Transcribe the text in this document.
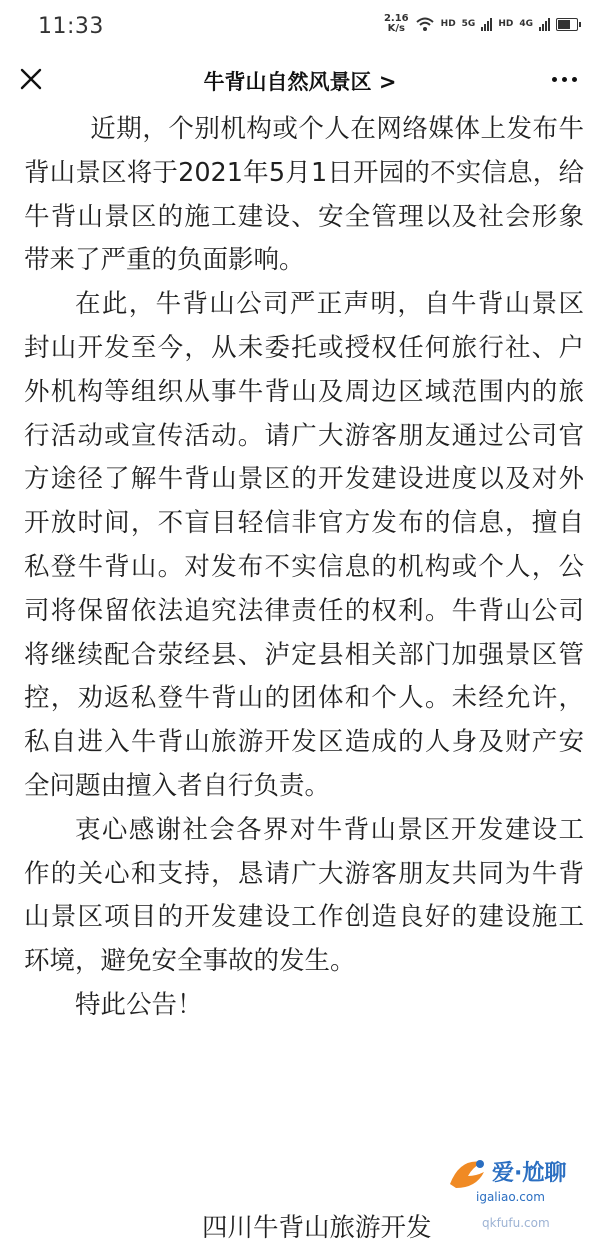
11:33	2.16
K/s	HD 5G	HD 4G
牛背山自然风景区 >

近期，个别机构或个人在网络媒体上发布牛背山景区将于2021年5月1日开园的不实信息，给牛背山景区的施工建设、安全管理以及社会形象带来了严重的负面影响。

在此，牛背山公司严正声明，自牛背山景区封山开发至今，从未委托或授权任何旅行社、户外机构等组织从事牛背山及周边区域范围内的旅行活动或宣传活动。请广大游客朋友通过公司官方途径了解牛背山景区的开发建设进度以及对外开放时间，不盲目轻信非官方发布的信息，擅自私登牛背山。对发布不实信息的机构或个人，公司将保留依法追究法律责任的权利。牛背山公司将继续配合荥经县、泸定县相关部门加强景区管控，劝返私登牛背山的团体和个人。未经允许，私自进入牛背山旅游开发区造成的人身及财产安全问题由擅入者自行负责。

衷心感谢社会各界对牛背山景区开发建设工作的关心和支持，恳请广大游客朋友共同为牛背山景区项目的开发建设工作创造良好的建设施工环境，避免安全事故的发生。

特此公告！

四川牛背山旅游开发
爱·尬聊
igaliao.com
qkfufu.com
